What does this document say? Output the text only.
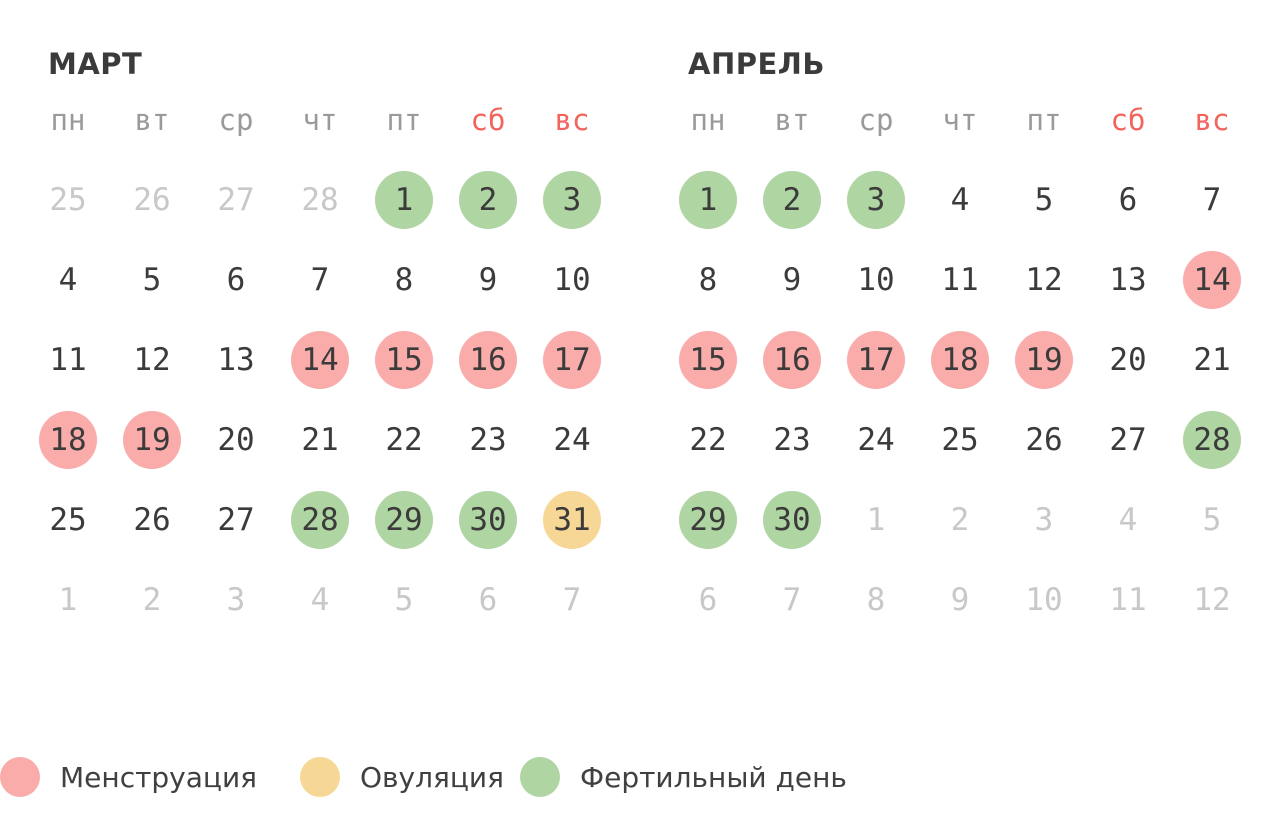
МАРТ
пн	вт	ср	чт	пт	сб	вс
25	26	27	28	1	2	3
4	5	6	7	8	9	10
11	12	13	14	15	16	17
18	19	20	21	22	23	24
25	26	27	28	29	30	31
1	2	3	4	5	6	7
АПРЕЛЬ
пн	вт	ср	чт	пт	сб	вс
1	2	3	4	5	6	7
8	9	10	11	12	13	14
15	16	17	18	19	20	21
22	23	24	25	26	27	28
29	30	1	2	3	4	5
6	7	8	9	10	11	12
Менструация	Овуляция	Фертильный день
